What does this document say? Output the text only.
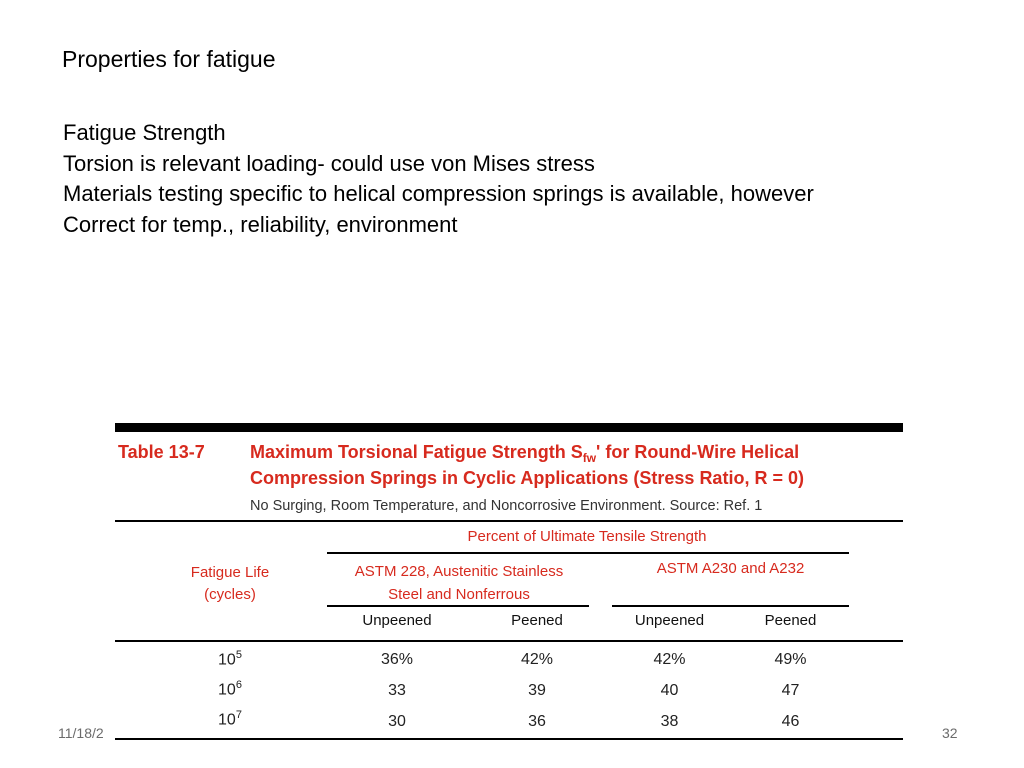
Properties for fatigue
Fatigue Strength
Torsion is relevant loading- could use von Mises stress
Materials testing specific to helical compression springs is available, however
Correct for temp., reliability, environment
11/18/2	32
Table 13-7	Maximum Torsional Fatigue Strength $S_{fw}'$ for Round-Wire Helical
Compression Springs in Cyclic Applications (Stress Ratio, R = 0)
No Surging, Room Temperature, and Noncorrosive Environment. Source: Ref. 1
Percent of Ultimate Tensile Strength
Fatigue Life
(cycles)
ASTM 228, Austenitic Stainless
Steel and Nonferrous
ASTM A230 and A232
Unpeened	Peened	Unpeened	Peened
$10^5$	36%	42%	42%	49%
$10^6$	33	39	40	47
$10^7$	30	36	38	46
